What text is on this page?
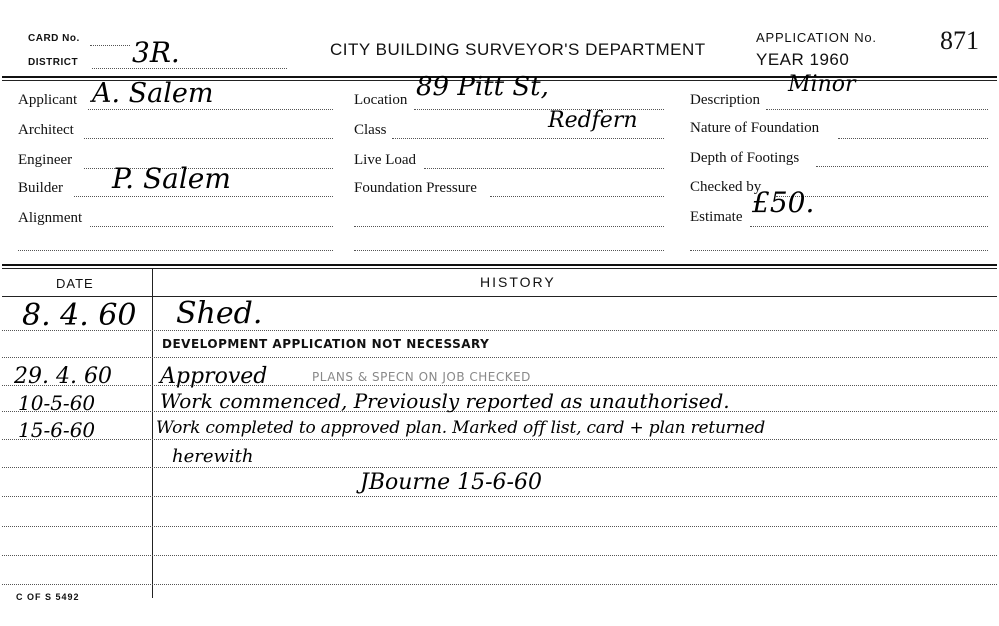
CARD No.
DISTRICT 3R.	CITY BUILDING SURVEYOR'S DEPARTMENT
APPLICATION No.
YEAR 1960
871
Applicant A. Salem
Architect
Engineer
Builder P. Salem
Alignment
Location 89 Pitt St,
Class	Redfern
Live Load
Foundation Pressure
Description
Minor
Nature of Foundation
Depth of Footings
Checked by
Estimate £50.
DATE	HISTORY
8. 4. 60 Shed.
DEVELOPMENT APPLICATION NOT NECESSARY
29. 4. 60 Approved	PLANS & SPECN ON JOB CHECKED
10-5-60	Work commenced, Previously reported as unauthorised.
15-6-60	Work completed to approved plan. Marked off list, card + plan returned
herewith
JBourne 15-6-60
C OF S 5492
